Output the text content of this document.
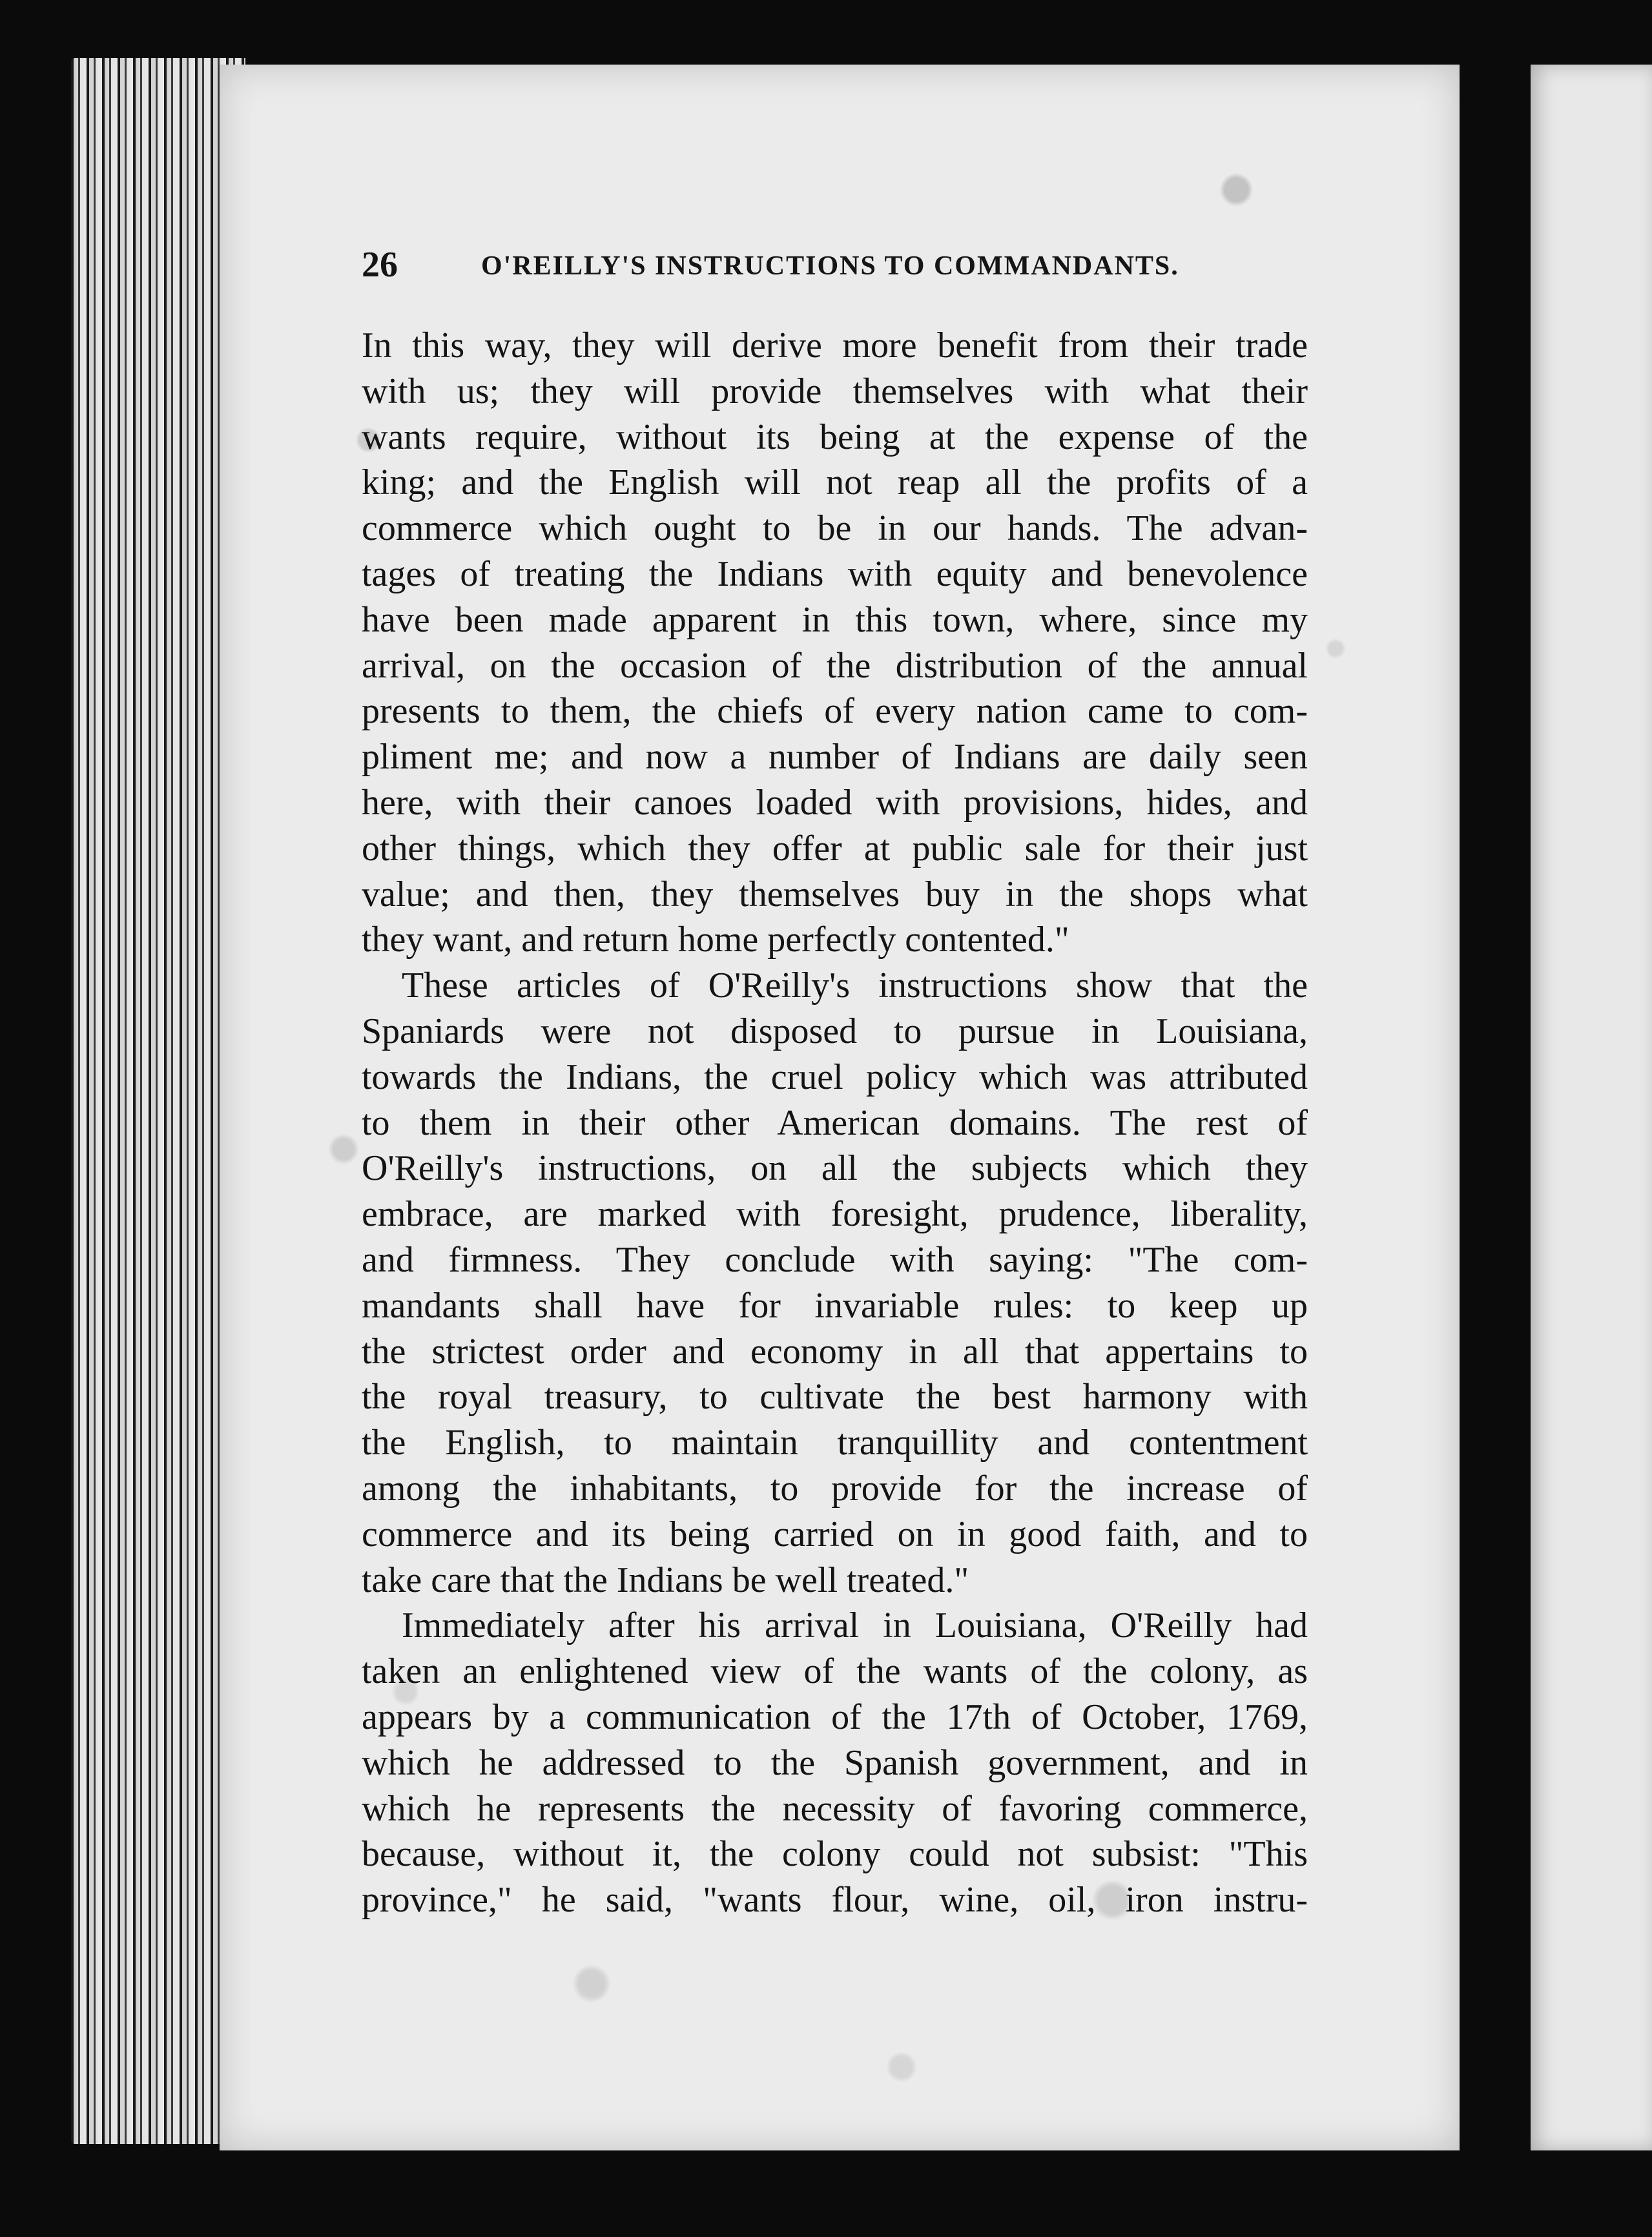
26	O'REILLY'S INSTRUCTIONS TO COMMANDANTS.
In this way, they will derive more benefit from their trade
with us; they will provide themselves with what their
wants require, without its being at the expense of the
king; and the English will not reap all the profits of a
commerce which ought to be in our hands. The advan-
tages of treating the Indians with equity and benevolence
have been made apparent in this town, where, since my
arrival, on the occasion of the distribution of the annual
presents to them, the chiefs of every nation came to com-
pliment me; and now a number of Indians are daily seen
here, with their canoes loaded with provisions, hides, and
other things, which they offer at public sale for their just
value; and then, they themselves buy in the shops what
they want, and return home perfectly contented."
These articles of O'Reilly's instructions show that the
Spaniards were not disposed to pursue in Louisiana,
towards the Indians, the cruel policy which was attributed
to them in their other American domains. The rest of
O'Reilly's instructions, on all the subjects which they
embrace, are marked with foresight, prudence, liberality,
and firmness. They conclude with saying: "The com-
mandants shall have for invariable rules: to keep up
the strictest order and economy in all that appertains to
the royal treasury, to cultivate the best harmony with
the English, to maintain tranquillity and contentment
among the inhabitants, to provide for the increase of
commerce and its being carried on in good faith, and to
take care that the Indians be well treated."
Immediately after his arrival in Louisiana, O'Reilly had
taken an enlightened view of the wants of the colony, as
appears by a communication of the 17th of October, 1769,
which he addressed to the Spanish government, and in
which he represents the necessity of favoring commerce,
because, without it, the colony could not subsist: "This
province," he said, "wants flour, wine, oil, iron instru-
